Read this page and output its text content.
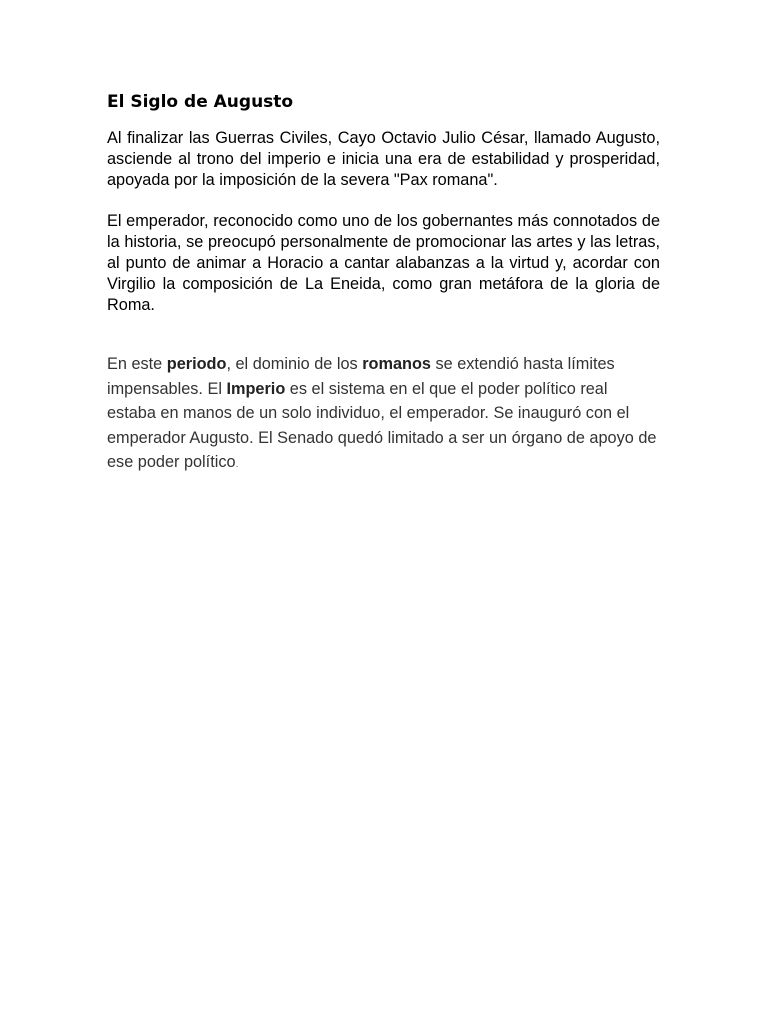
El Siglo de Augusto

Al finalizar las Guerras Civiles, Cayo Octavio Julio César, llamado Augusto, asciende al trono del imperio e inicia una era de estabilidad y prosperidad, apoyada por la imposición de la severa "Pax romana".

El emperador, reconocido como uno de los gobernantes más connotados de la historia, se preocupó personalmente de promocionar las artes y las letras, al punto de animar a Horacio a cantar alabanzas a la virtud y, acordar con Virgilio la composición de La Eneida, como gran metáfora de la gloria de Roma.

En este periodo, el dominio de los romanos se extendió hasta límites impensables. El Imperio es el sistema en el que el poder político real estaba en manos de un solo individuo, el emperador. Se inauguró con el emperador Augusto. El Senado quedó limitado a ser un órgano de apoyo de ese poder político.
